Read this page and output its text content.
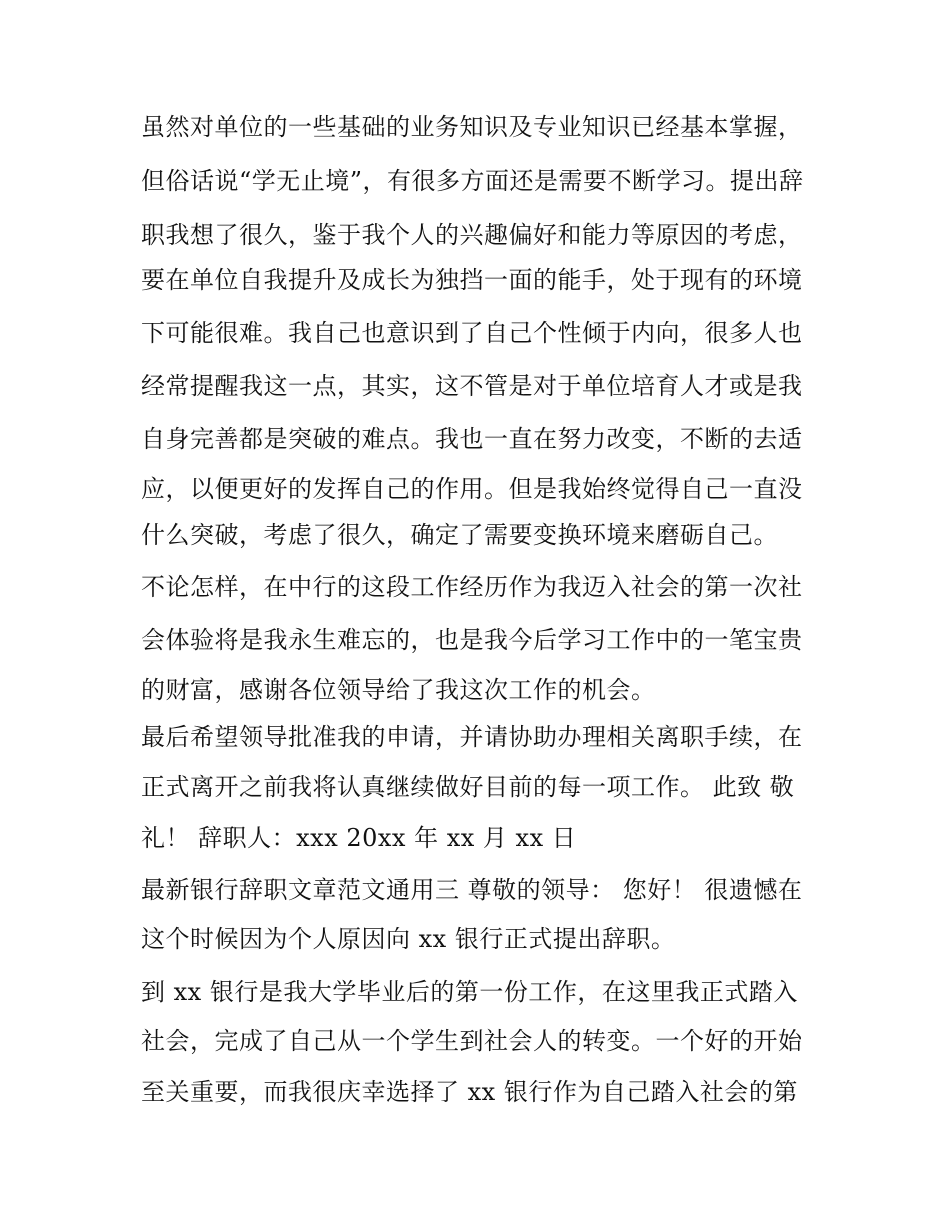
虽然对单位的一些基础的业务知识及专业知识已经基本掌握，

但俗话说“学无止境”，有很多方面还是需要不断学习。提出辞

职我想了很久，鉴于我个人的兴趣偏好和能力等原因的考虑，

要在单位自我提升及成长为独挡一面的能手，处于现有的环境

下可能很难。我自己也意识到了自己个性倾于内向，很多人也

经常提醒我这一点，其实，这不管是对于单位培育人才或是我

自身完善都是突破的难点。我也一直在努力改变，不断的去适

应，以便更好的发挥自己的作用。但是我始终觉得自己一直没

什么突破，考虑了很久，确定了需要变换环境来磨砺自己。

不论怎样，在中行的这段工作经历作为我迈入社会的第一次社

会体验将是我永生难忘的，也是我今后学习工作中的一笔宝贵

的财富，感谢各位领导给了我这次工作的机会。

最后希望领导批准我的申请，并请协助办理相关离职手续，在

正式离开之前我将认真继续做好目前的每一项工作。 此致 敬

礼！ 辞职人：xxx 20xx 年 xx 月 xx 日

最新银行辞职文章范文通用三 尊敬的领导： 您好！ 很遗憾在

这个时候因为个人原因向 xx 银行正式提出辞职。

到 xx 银行是我大学毕业后的第一份工作，在这里我正式踏入

社会，完成了自己从一个学生到社会人的转变。一个好的开始

至关重要，而我很庆幸选择了 xx 银行作为自己踏入社会的第
